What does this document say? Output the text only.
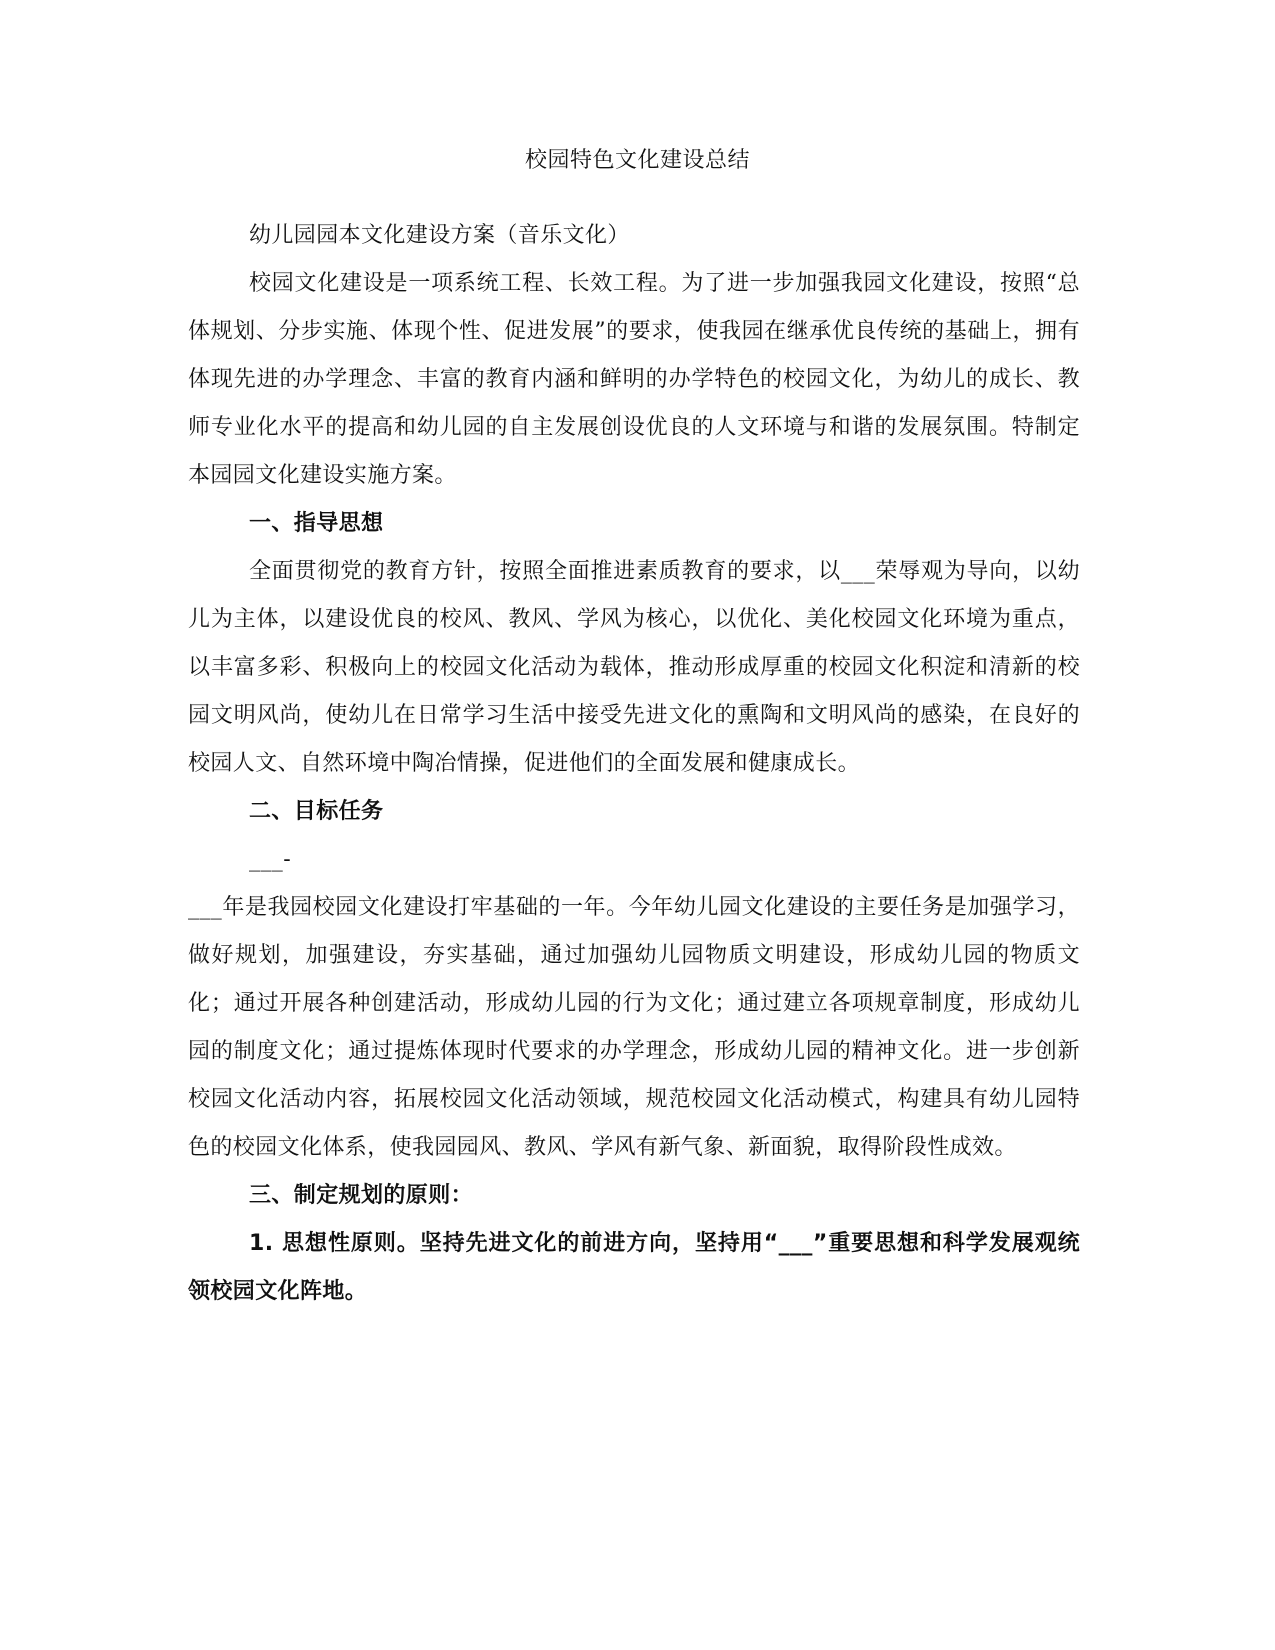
校园特色文化建设总结

幼儿园园本文化建设方案（音乐文化）

校园文化建设是一项系统工程、长效工程。为了进一步加强我园文化建设，按照“总体规划、分步实施、体现个性、促进发展”的要求，使我园在继承优良传统的基础上，拥有体现先进的办学理念、丰富的教育内涵和鲜明的办学特色的校园文化，为幼儿的成长、教师专业化水平的提高和幼儿园的自主发展创设优良的人文环境与和谐的发展氛围。特制定本园园文化建设实施方案。

一、指导思想

全面贯彻党的教育方针，按照全面推进素质教育的要求，以___荣辱观为导向，以幼儿为主体，以建设优良的校风、教风、学风为核心，以优化、美化校园文化环境为重点，以丰富多彩、积极向上的校园文化活动为载体，推动形成厚重的校园文化积淀和清新的校园文明风尚，使幼儿在日常学习生活中接受先进文化的熏陶和文明风尚的感染，在良好的校园人文、自然环境中陶冶情操，促进他们的全面发展和健康成长。

二、目标任务

___-

___年是我园校园文化建设打牢基础的一年。今年幼儿园文化建设的主要任务是加强学习，做好规划，加强建设，夯实基础，通过加强幼儿园物质文明建设，形成幼儿园的物质文化；通过开展各种创建活动，形成幼儿园的行为文化；通过建立各项规章制度，形成幼儿园的制度文化；通过提炼体现时代要求的办学理念，形成幼儿园的精神文化。进一步创新校园文化活动内容，拓展校园文化活动领域，规范校园文化活动模式，构建具有幼儿园特色的校园文化体系，使我园园风、教风、学风有新气象、新面貌，取得阶段性成效。

三、制定规划的原则：

1. 思想性原则。坚持先进文化的前进方向，坚持用“___”重要思想和科学发展观统领校园文化阵地。
